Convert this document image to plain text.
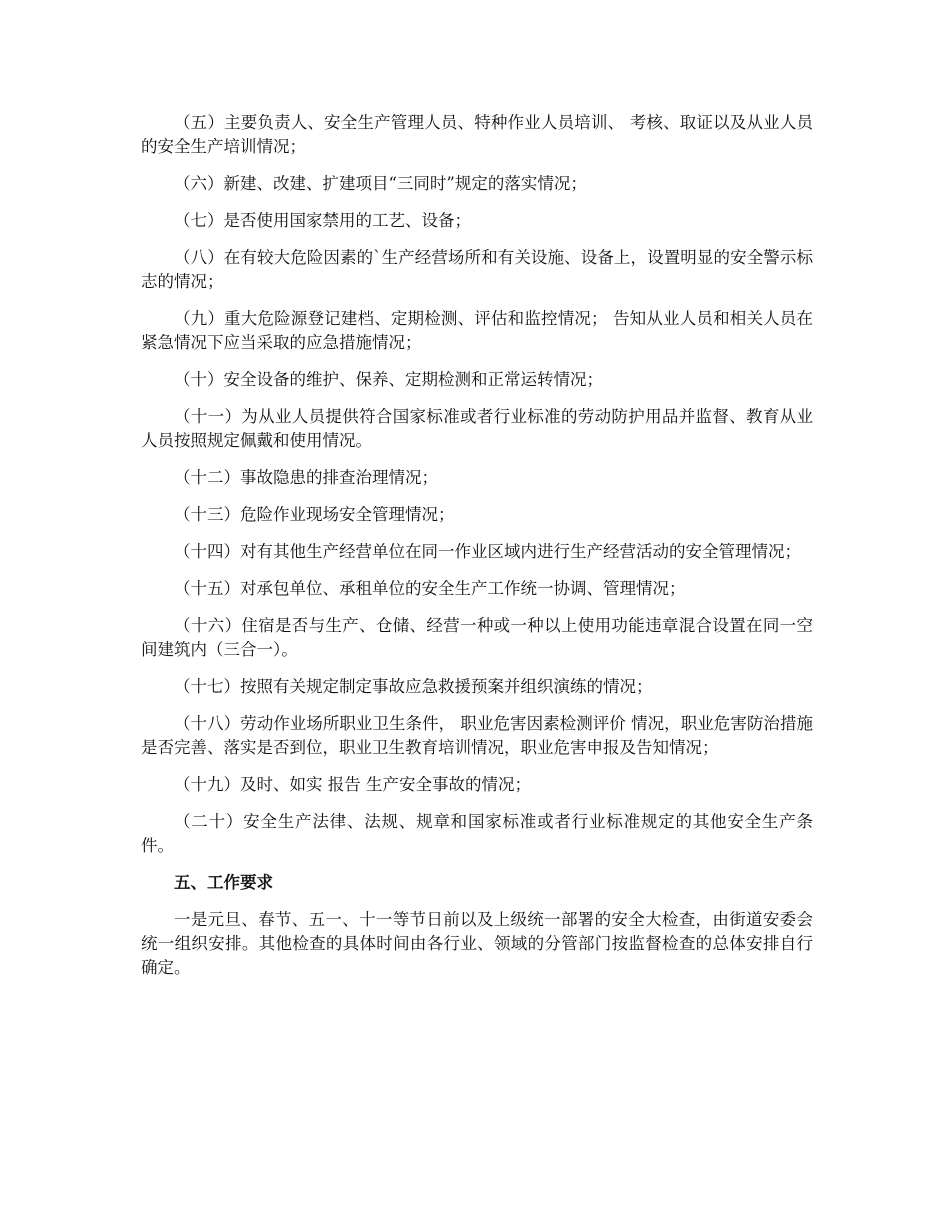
（五）主要负责人、安全生产管理人员、特种作业人员培训、 考核、取证以及从业人员的安全生产培训情况；

（六）新建、改建、扩建项目“三同时”规定的落实情况；

（七）是否使用国家禁用的工艺、设备；

（八）在有较大危险因素的`生产经营场所和有关设施、设备上，设置明显的安全警示标志的情况；

（九）重大危险源登记建档、定期检测、评估和监控情况； 告知从业人员和相关人员在紧急情况下应当采取的应急措施情况；

（十）安全设备的维护、保养、定期检测和正常运转情况；

（十一）为从业人员提供符合国家标准或者行业标准的劳动防护用品并监督、教育从业人员按照规定佩戴和使用情况。

（十二）事故隐患的排查治理情况；

（十三）危险作业现场安全管理情况；

（十四）对有其他生产经营单位在同一作业区域内进行生产经营活动的安全管理情况；

（十五）对承包单位、承租单位的安全生产工作统一协调、管理情况；

（十六）住宿是否与生产、仓储、经营一种或一种以上使用功能违章混合设置在同一空间建筑内（三合一）。

（十七）按照有关规定制定事故应急救援预案并组织演练的情况；

（十八）劳动作业场所职业卫生条件， 职业危害因素检测评价 情况，职业危害防治措施是否完善、落实是否到位，职业卫生教育培训情况，职业危害申报及告知情况；

（十九）及时、如实 报告 生产安全事故的情况；

（二十）安全生产法律、法规、规章和国家标准或者行业标准规定的其他安全生产条件。

五、工作要求

一是元旦、春节、五一、十一等节日前以及上级统一部署的安全大检查，由街道安委会统一组织安排。其他检查的具体时间由各行业、领域的分管部门按监督检查的总体安排自行确定。
